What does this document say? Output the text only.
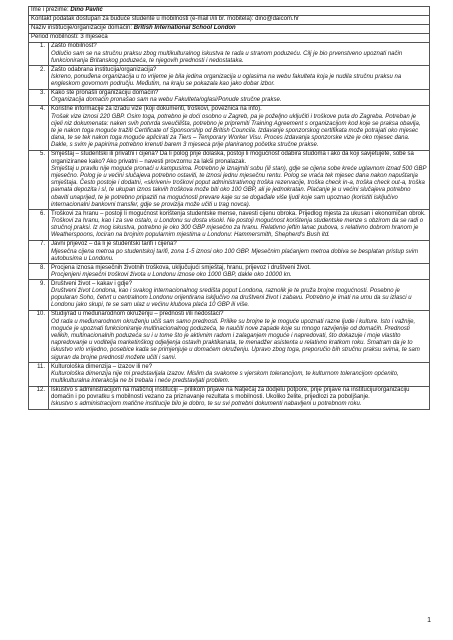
Ime i prezime: Dino Pavlić	
Kontakt podatak dostupan za buduće studente u mobilnosti (e-mail i/ili br. mobitela): dino@daicom.hr	
Naziv institucije/organizacije domaćin: British International School London	
Period mobilnosti: 3 mjeseca	
1.	Zašto mobilnost?
Odlučio sam se na stručnu praksu zbog multikulturalnog iskustva te rada u stranom poduzeću. Cilj je bio prvenstveno upoznati način funkcioniranja Britanskog poduzeća, te njegovih prednosti i nedostataka.

2.	Zašto odabrana institucija/organizacija?
Iskreno, ponuđena organizacija u to vrijeme je bila jedina organizacija u oglasima na webu fakulteta koja je nudila stručnu praksu na engleskom govornom području. Međutim, na kraju se pokazala kao jako dobar izbor.

3.	Kako ste pronašli organizaciju domaćin?
Organizacija domaćin pronašao sam na webu Fakulteta/oglasi/Ponude stručne prakse.

4.	Koristne informacije za izradu vize (koji dokumenti, troškovi, poveznica na info).
Trošak vize iznosi 220 GBP. Osim toga, potrebno je doći osobno u Zagreb, pa je poželjno uključiti i troškove puta do Zagreba. Potreban je cijeli niz dokumenata: naken svih potvrda sveučilišta, potrebno je pripremiti Training Agreement s organizacijom kod koje se praksa obavlja, te je nakon toga moguće tražiti Certificate of Sponsorship od British Councila. Izdavanje sponzorskog certifikata može potrajati oko mjesec dana, te se tek nakon toga moguće aplicirati za Tiers – Temporary Worker Visu. Proces izdavanja sponzorske vize je oko mjesec dana. Dakle, s svim je papirima potrebno krenuti barem 3 mjeseca prije planiranog početka stručne prakse.

5.	Smještaj – studentski ili privatni i cijena? Da li polog prije dolaska, postoji li mogućnost odabira studoma i ako da koji savjetujete, sobe sa organiziranee kako? Ako privatni – navesti provzornu za lakši pronalazak.
Smještaj u pravilu nije moguće pronaći u kampusima. Potrebno je iznajmiti sobu (ili stan), gdje se cijena sobe kreće uglavnom iznad 500 GBP mjesečno. Polog je u većini slučajeva potrebno ostaviti, te iznosi jednu mjesečnu rentu. Polog se vraća tek mjesec dana nakon napuštanja smještaja. Često postoje i dodatni, «skriveni» troškovi poput administrativnog troška rezervacije, troška check in-a, troška check out-a, troška pavnata depozita i sl, te ukupan iznos takvih troškova može biti oko 100 GBP, ali je jednokratan. Plaćanje je u većini slučajeva potrebno obaviti unaprijed, te je potrebno pripaziti na mogućnosti prevare kaje su se događale više ljudi koje sam upoznao (koristiti isključivo internacionalni bankovni transfer, gdje se provizija može učiti u trag novca).

6.	Troškovi za hranu – postoji li mogućnost korištenja studentske mense, navesti cijenu obroka. Prijedlog mjesta za ukusan i ekonomičan obrok.
Troškovi za hranu, kao i za sve ostalo, u Londonu su dosta visoki. Ne postoji mogućnost korištenja studentske menze s obzirom da se radi o stručnoj praksi. Iz mog iskustva, potrebno je oko 300 GBP mjesečno za hranu. Relativno jeftin lanac pubova, s relativno dobrom hranom je Weatherspoons, lociran na brojnim popularnim mjestima u Londonu: Hammersmith, Shepherd's Bush itd.

7.	Javni prijevoz – da li je studentski tarifi i cijena?
Mjesečna cijena metroa po studentskoj tarifi, zona 1-5 iznosi oko 100 GBP. Mjesečnim plaćanjem metroa dobiva se besplatan pristup svim autobusima u Londonu.

8.	Procjena iznosa mjesečnih životnih troškova, uključujući smještaj, hranu, prijevoz i društveni život.
Procjenjeni mjesečni troškovi života u Londonu iznose oko 1000 GBP, dakle oko 10000 kn.

9.	Društveni život – kakav i gdje?
Društveni život Londona, kao i svakog internacionalnog središta poput Londona, raznolik je te pruža brojne mogućnosti. Posebno je popularan Soho, četvrt u centralnom Londonu orijentirana isključivo na društveni život i zabavu. Potrebno je imati na umu da su izlasci u Londonu jako skupi, te se sam ulaz u većinu klubova plaća 10 GBP ili više.

10.	Studij/rad u međunarodnom okruženju – prednosti i/ili nedostaci?
Od rada u međunarodnom okruženju učiš sam samo prednosti. Prilike su brojne te je moguće upoznati razne ljude i kulture. Isto i važnije, moguće je upoznati funkcioniranje multinacionalnog poduzeća, te naučiti nove zapade koje su mnogo razvijenije od domaćih. Prednosti velikih, multinacionalnih poduzeća su i u tome što je aktivnim radom i zalaganjem moguće i napredovati, što dokazuje i moje vlastito napredovanje u voditelja marketinškog odjeljenja ostavih praktikanata, te menadžer asistenta u relativno kratkom roku. Smatram da je to iskustvo vrlo vrijedno, posebice kada se primjenjuje u domaćem okruženju. Upravo zbog toga, preporučio bih stručnu praksu svima, te sam siguran da brojne prednosti možete učiti i sami.

11.	Kulturološka dimenzija – izazov ili ne?
Kulturološka dimenzija nije mi predstavljala izazov. Mislim da svakome s vjerskom tolerancijom, te kulturnom tolerancijom općenito, multikulturalna interakcija ne bi trebala i neće predstavljati problem.

12.	Iskustvo s administracijom na matičnoj instituciji – prilikom prijave na Natječaj za dodjelu potpore, prije prijave na instituciju/organizaciju domaćin i po povratku s mobilnosti vezano za priznavanje rezultata s mobilnosti. Ukoliko želite, prijedlozi za poboljšanje.
Iskustvo s administracijom matične institucije bilo je dobro, te su svi potrebni dokumenti nabavljeni u potrebnom roku.
1
